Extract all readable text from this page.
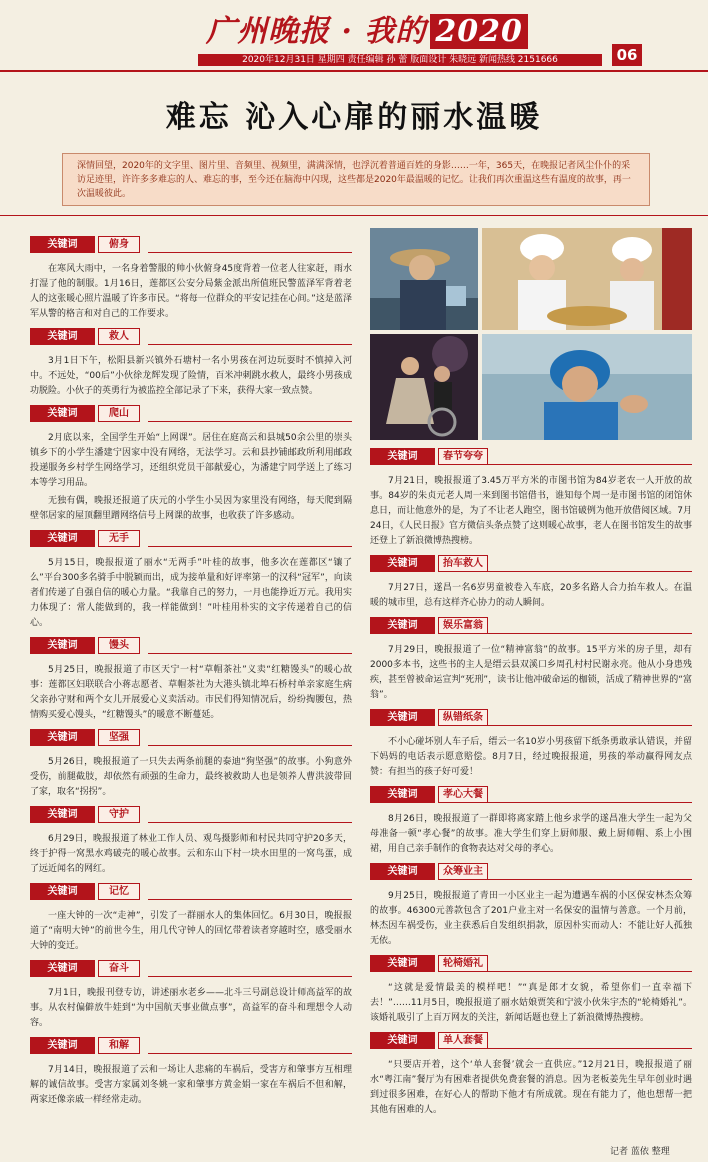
广州晚报 · 我的 2020
06
2020年12月31日 星期四 责任编辑 孙 蕾 版面设计 朱晓远 新闻热线 2151666
难忘 沁入心扉的丽水温暖
深情回望，2020年的文字里、图片里、音频里、视频里，满满深情，也浮沉着普通百姓的身影……一年，365天，在晚报记者风尘仆仆的采访足迹里，许许多多难忘的人、难忘的事，至今还在脑海中闪现，这些都是2020年最温暖的记忆。让我们再次重温这些有温度的故事，再一次温暖彼此。
关键词	俯身

在寒风大雨中，一名身着警服的帅小伙俯身45度背着一位老人往家赶，雨水打湿了他的制服。1月16日，莲都区公安分局紫金派出所值班民警蓝泽军背着老人的这张暖心照片温暖了许多市民。“将每一位群众的平安记挂在心间。”这是蓝泽军从警的格言和对自己的工作要求。

关键词	救人

3月1日下午，松阳县新兴镇外石塘村一名小男孩在河边玩耍时不慎掉入河中。不远处，“00后”小伙徐龙辉发现了险情，百米冲刺跳水救人，最终小男孩成功脱险。小伙子的英勇行为被监控全部记录了下来，获得大家一致点赞。

关键词	爬山

2月底以来，全国学生开始“上网课”。居住在庭高云和县城50余公里的崇头镇乡下的小学生潘建宁因家中没有网络，无法学习。云和县抄铺邮政所利用邮政投递服务乡村学生网络学习，还组织党员干部献爱心，为潘建宁同学送上了练习本等学习用品。

无独有偶，晚报还报道了庆元的小学生小吴因为家里没有网络，每天爬到隔壁邻居家的屋顶翻里蹭网络信号上网课的故事，也收获了许多感动。

关键词	无手

5月15日，晚报报道了丽水“无两手”叶桂的故事，他多次在莲都区“镶了么”平台300多名骑手中脱颖而出，成为接单量和好评率第一的汉科“冠军”，向读者们传递了自强自信的暖心力量。“我靠自己的努力，一月也能挣近万元。我用实力体现了：常人能做到的，我一样能做到！”叶桂用朴实的文字传递着自己的信心。

关键词	馒头

5月25日，晚报报道了市区天宁一村“草帽茶社”义卖“红糖馒头”的暖心故事：莲都区妇联联合小蒋志愿者、草帽茶社为大港头镇北埠石桥村单亲家庭生病父亲孙守财和两个女儿开展爱心义卖活动。市民们得知情况后，纷纷掏腰包，热情购买爱心馒头，“红糖馒头”的暖意不断蔓延。

关键词	坚强

5月26日，晚报报道了一只失去两条前腿的泰迪“狗坚强”的故事。小狗意外受伤，前腿截肢，却依然有顽强的生命力，最终被救助人也是领养人曹洪波带回了家，取名“拐拐”。

关键词	守护

6月29日，晚报报道了林业工作人员、观鸟摄影师和村民共同守护20多天，终于护得一窝黑水鸡破壳的暖心故事。云和东山下村一块水田里的一窝鸟蛋，成了远近闻名的网红。

关键词	记忆

一座大钟的一次“走神”，引发了一群丽水人的集体回忆。6月30日，晚报报道了“南明大钟”的前世今生，用几代守钟人的回忆带着读者穿越时空，感受丽水大钟的变迁。

关键词	奋斗

7月1日，晚报刊登专访，讲述丽水老乡——北斗三号副总设计师高益军的故事。从农村偏僻放牛娃到“为中国航天事业做点事”，高益军的奋斗和理想令人动容。

关键词	和解

7月14日，晚报报道了云和一场让人悲痛的车祸后，受害方和肇事方互相理解的诚信故事。受害方家属刘冬姚一家和肇事方黄金娟一家在车祸后不但和解，两家还像亲戚一样经常走动。

关键词	春节夸夸

7月21日，晚报报道了3.45万平方米的市图书馆为84岁老农一人开放的故事。84岁的朱贞元老人周一来到图书馆借书，谁知每个周一是市图书馆的闭馆休息日，而让他意外的是，为了不让老人跑空，图书馆破例为他开放借阅区域。7月24日，《人民日报》官方微信头条点赞了这则暖心故事，老人在图书馆发生的故事还登上了新浪微博热搜榜。

关键词	抬车救人

7月27日，遂昌一名6岁男童被卷入车底，20多名路人合力抬车救人。在温暖的城市里，总有这样齐心协力的动人瞬间。

关键词	娱乐富翁

7月29日，晚报报道了一位“精神富翁”的故事。15平方米的房子里，却有2000多本书，这些书的主人是缙云县双溪口乡周孔村村民谢永亮。他从小身患残疾，甚至曾被命运宣判“死刑”，读书让他冲破命运的枷锁，活成了精神世界的“富翁”。

关键词	纵错纸条

不小心碰坏别人车子后，缙云一名10岁小男孩留下纸条勇敢承认错误，并留下妈妈的电话表示愿意赔偿。8月7日，经过晚报报道，男孩的举动赢得网友点赞：有担当的孩子好可爱！

关键词	孝心大餐

8月26日，晚报报道了一群即将离家踏上他乡求学的遂昌准大学生一起为父母准备一顿“孝心餐”的故事。准大学生们穿上厨师服、戴上厨师帽、系上小围裙，用自己亲手制作的食物表达对父母的孝心。

关键词	众筹业主

9月25日，晚报报道了青田一小区业主一起为遭遇车祸的小区保安林杰众筹的故事。46300元善款包含了201户业主对一名保安的温情与善意。一个月前，林杰因车祸受伤，业主获悉后自发组织捐款，原因朴实而动人：不能让好人孤独无依。

关键词	轮椅婚礼

“这就是爱情最美的模样吧！”“真是郎才女貌，希望你们一直幸福下去！”……11月5日，晚报报道了丽水姑娘贾笑和宁波小伙朱宇杰的“轮椅婚礼”。该婚礼吸引了上百万网友的关注，新闻话题也登上了新浪微博热搜榜。

关键词	单人套餐

“只要店开着，这个‘单人套餐’就会一直供应。”12月21日，晚报报道了丽水“粤江南”餐厅为有困难者提供免费套餐的消息。因为老板姜先生早年创业时遇到过很多困难，在好心人的帮助下他才有所成就。现在有能力了，他也想帮一把其他有困难的人。

记者 蓝依 整理
